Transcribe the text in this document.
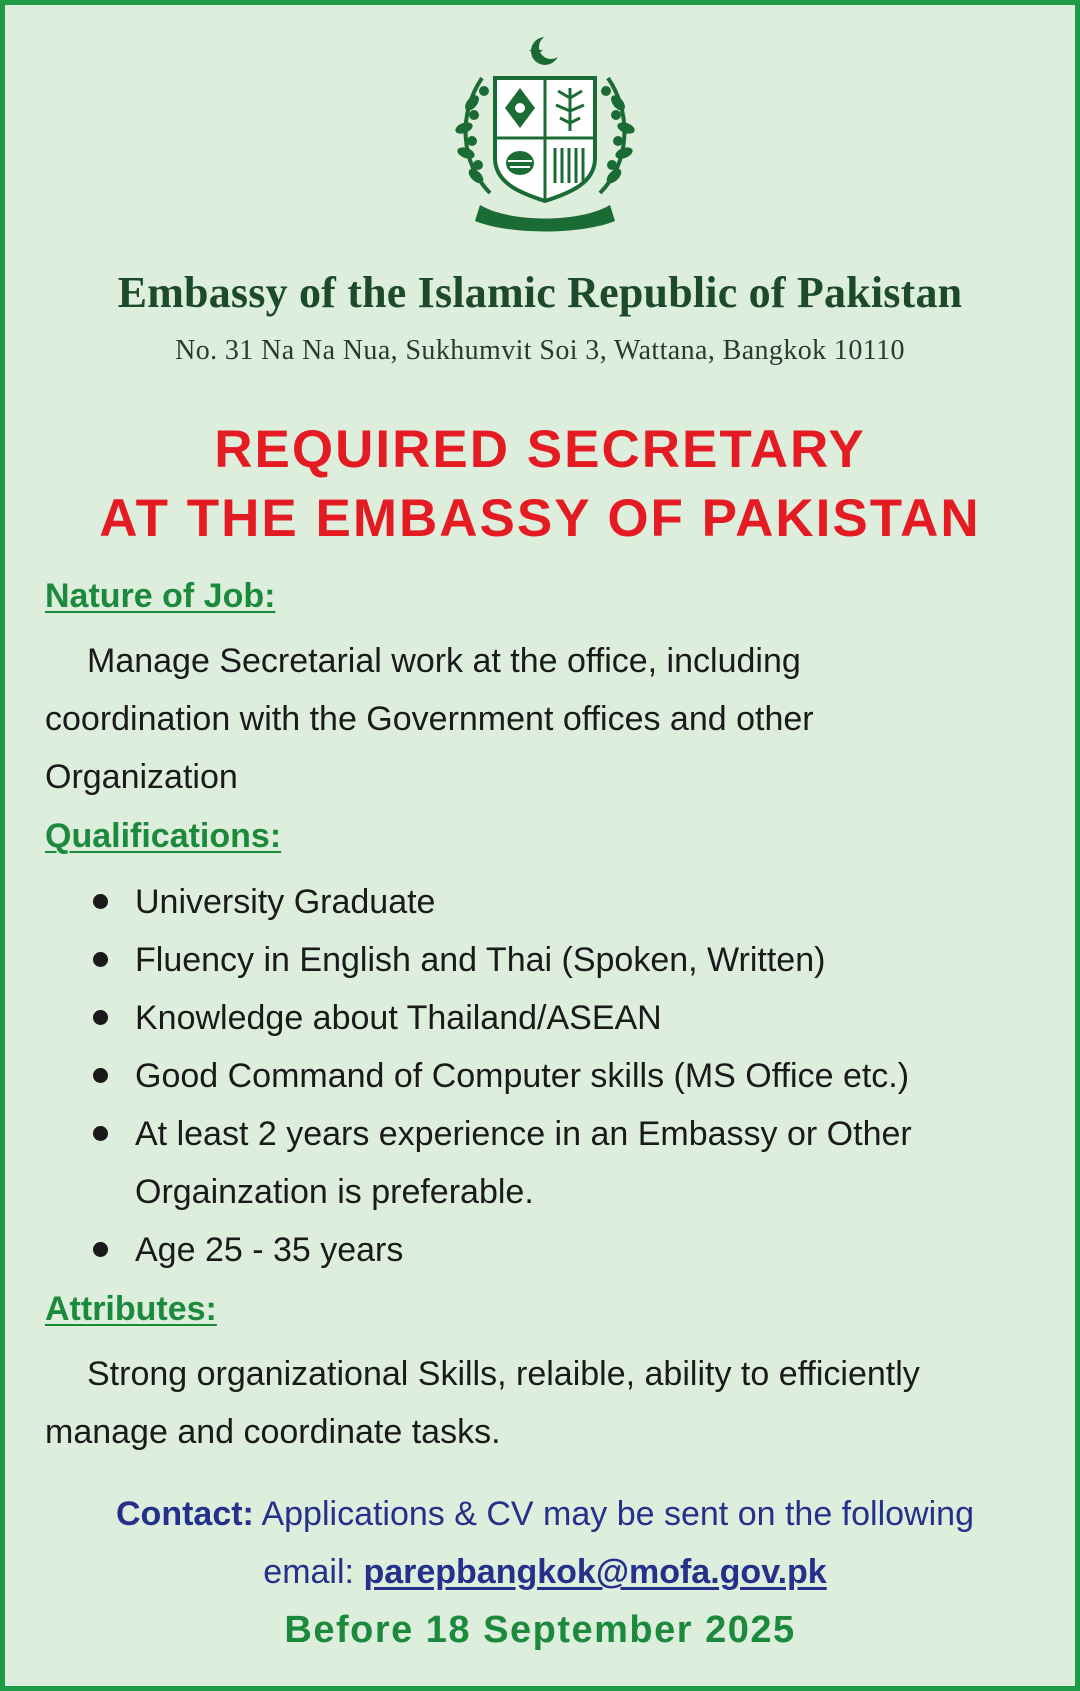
Embassy of the Islamic Republic of Pakistan
No. 31 Na Na Nua, Sukhumvit Soi 3, Wattana, Bangkok 10110
REQUIRED SECRETARY
AT THE EMBASSY OF PAKISTAN
Nature of Job:
Manage Secretarial work at the office, including
coordination with the Government offices and other
Organization
Qualifications:
University Graduate
Fluency in English and Thai (Spoken, Written)
Knowledge about Thailand/ASEAN
Good Command of Computer skills (MS Office etc.)
At least 2 years experience in an Embassy or Other Orgainzation is preferable.
Age 25 - 35 years
Attributes:
Strong organizational Skills, relaible, ability to efficiently
manage and coordinate tasks.
Contact: Applications & CV may be sent on the following
email: parepbangkok@mofa.gov.pk
Before 18 September 2025
